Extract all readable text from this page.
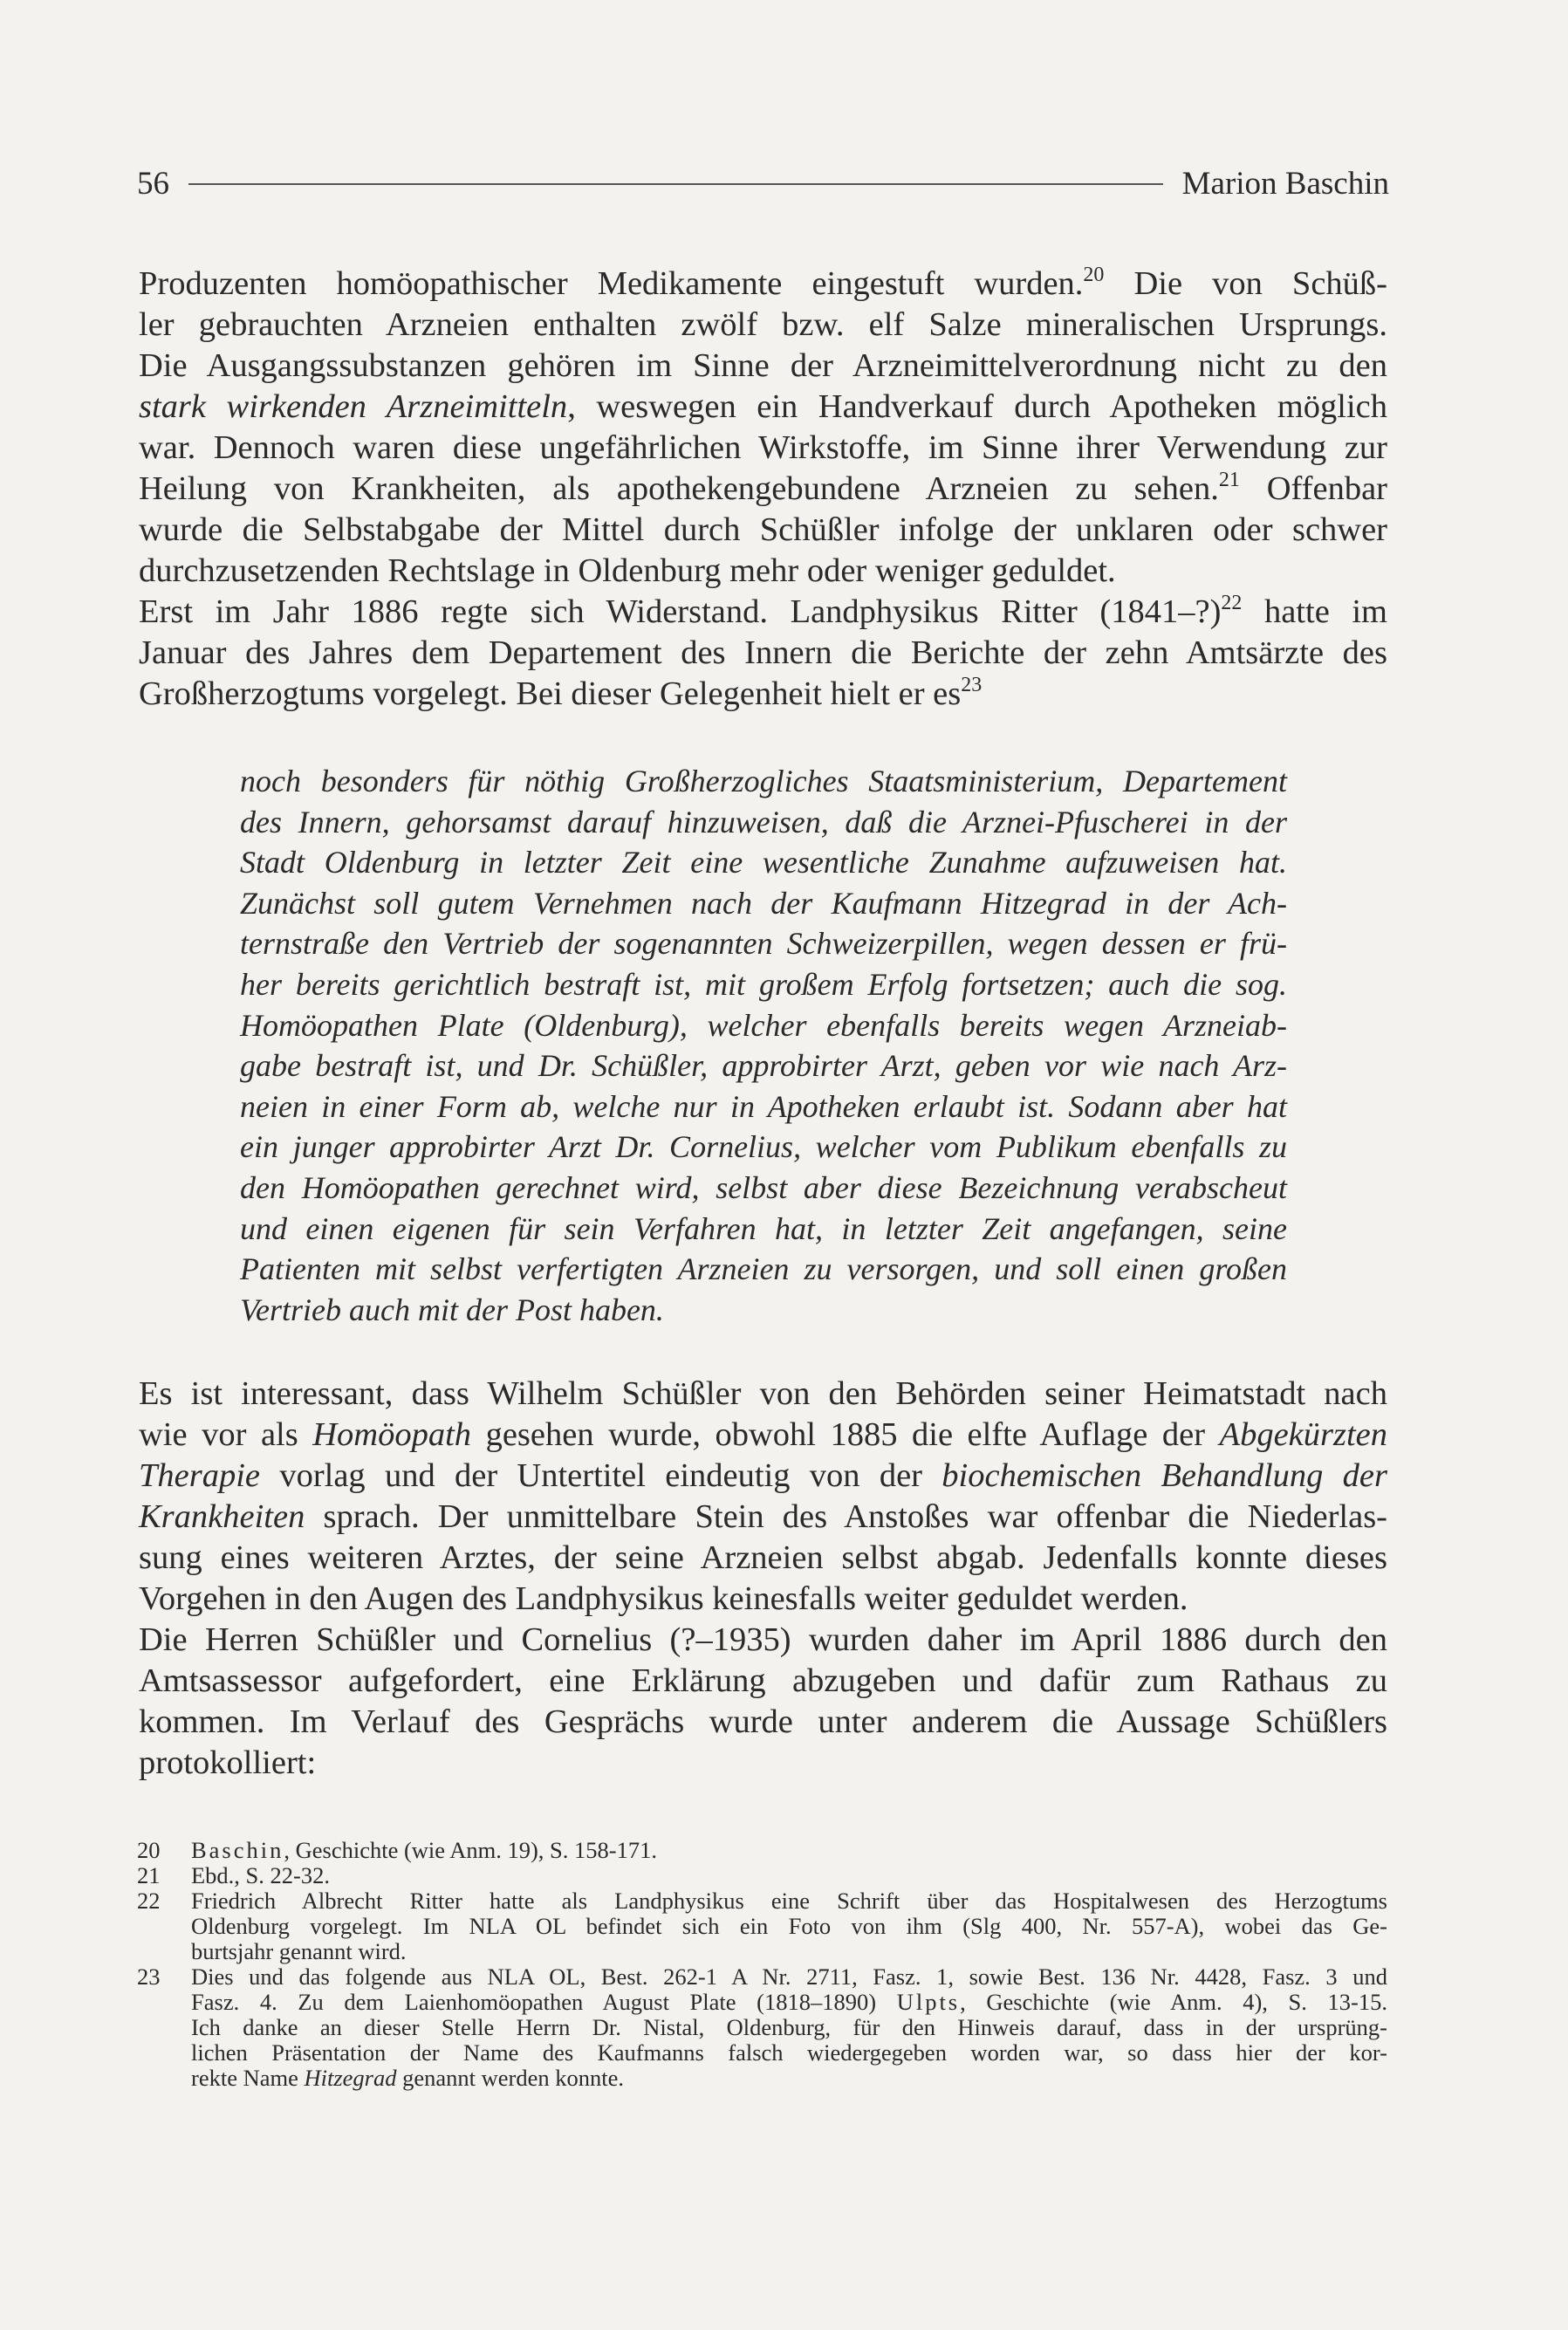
56	Marion Baschin
Produzenten homöopathischer Medikamente eingestuft wurden.$^{20}$ Die von Schüß-
ler gebrauchten Arzneien enthalten zwölf bzw. elf Salze mineralischen Ursprungs.
Die Ausgangssubstanzen gehören im Sinne der Arzneimittelverordnung nicht zu den
stark wirkenden Arzneimitteln, weswegen ein Handverkauf durch Apotheken möglich
war. Dennoch waren diese ungefährlichen Wirkstoffe, im Sinne ihrer Verwendung zur
Heilung von Krankheiten, als apothekengebundene Arzneien zu sehen.$^{21}$ Offenbar
wurde die Selbstabgabe der Mittel durch Schüßler infolge der unklaren oder schwer
durchzusetzenden Rechtslage in Oldenburg mehr oder weniger geduldet.
Erst im Jahr 1886 regte sich Widerstand. Landphysikus Ritter (1841–?)$^{22}$ hatte im
Januar des Jahres dem Departement des Innern die Berichte der zehn Amtsärzte des
Großherzogtums vorgelegt. Bei dieser Gelegenheit hielt er $es^{23}$
noch besonders für nöthig Großherzogliches Staatsministerium, Departement
des Innern, gehorsamst darauf hinzuweisen, daß die Arznei-Pfuscherei in der
Stadt Oldenburg in letzter Zeit eine wesentliche Zunahme aufzuweisen hat.
Zunächst soll gutem Vernehmen nach der Kaufmann Hitzegrad in der Ach-
ternstraße den Vertrieb der sogenannten Schweizerpillen, wegen dessen er frü-
her bereits gerichtlich bestraft ist, mit großem Erfolg fortsetzen; auch die sog.
Homöopathen Plate (Oldenburg), welcher ebenfalls bereits wegen Arzneiab-
gabe bestraft ist, und Dr. Schüßler, approbirter Arzt, geben vor wie nach Arz-
neien in einer Form ab, welche nur in Apotheken erlaubt ist. Sodann aber hat
ein junger approbirter Arzt Dr. Cornelius, welcher vom Publikum ebenfalls zu
den Homöopathen gerechnet wird, selbst aber diese Bezeichnung verabscheut
und einen eigenen für sein Verfahren hat, in letzter Zeit angefangen, seine
Patienten mit selbst verfertigten Arzneien zu versorgen, und soll einen großen
Vertrieb auch mit der Post haben.
Es ist interessant, dass Wilhelm Schüßler von den Behörden seiner Heimatstadt nach
wie vor als Homöopath gesehen wurde, obwohl 1885 die elfte Auflage der Abgekürzten
Therapie vorlag und der Untertitel eindeutig von der biochemischen Behandlung der
Krankheiten sprach. Der unmittelbare Stein des Anstoßes war offenbar die Niederlas-
sung eines weiteren Arztes, der seine Arzneien selbst abgab. Jedenfalls konnte dieses
Vorgehen in den Augen des Landphysikus keinesfalls weiter geduldet werden.
Die Herren Schüßler und Cornelius (?–1935) wurden daher im April 1886 durch den
Amtsassessor aufgefordert, eine Erklärung abzugeben und dafür zum Rathaus zu
kommen. Im Verlauf des Gesprächs wurde unter anderem die Aussage Schüßlers
protokolliert:
20	Baschin, Geschichte (wie Anm. 19), S. 158-171.
21	Ebd., S. 22-32.
22	Friedrich Albrecht Ritter hatte als Landphysikus eine Schrift über das Hospitalwesen des Herzogtums
Oldenburg vorgelegt. Im NLA OL befindet sich ein Foto von ihm (Slg 400, Nr. 557-A), wobei das Ge-
burtsjahr genannt wird.
23	Dies und das folgende aus NLA OL, Best. 262-1 A Nr. 2711, Fasz. 1, sowie Best. 136 Nr. 4428, Fasz. 3 und
Fasz. 4. Zu dem Laienhomöopathen August Plate (1818–1890) Ulpts, Geschichte (wie Anm. 4), S. 13-15.
Ich danke an dieser Stelle Herrn Dr. Nistal, Oldenburg, für den Hinweis darauf, dass in der ursprüng-
lichen Präsentation der Name des Kaufmanns falsch wiedergegeben worden war, so dass hier der kor-
rekte Name Hitzegrad genannt werden konnte.
